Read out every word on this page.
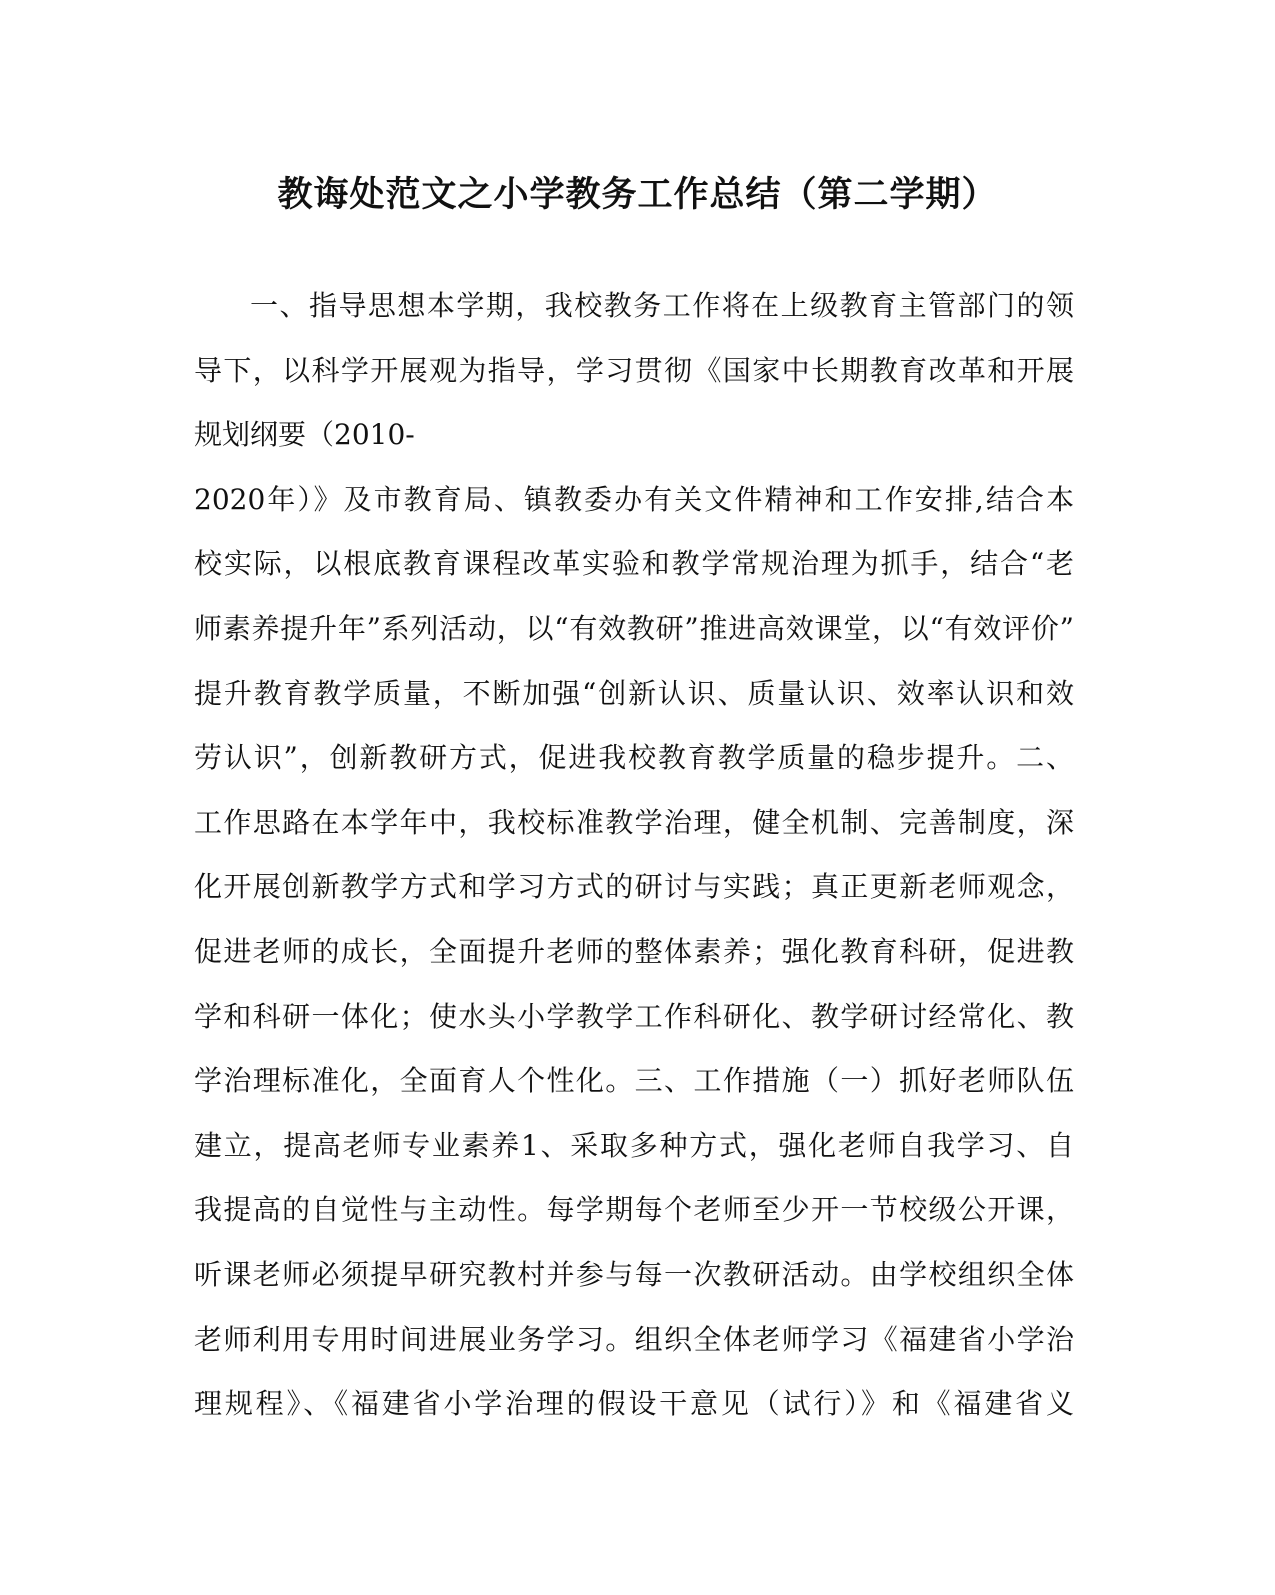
教诲处范文之小学教务工作总结（第二学期）
一、指导思想本学期，我校教务工作将在上级教育主管部门的领
导下，以科学开展观为指导，学习贯彻《国家中长期教育改革和开展
规划纲要（2010-
2020年）》及市教育局、镇教委办有关文件精神和工作安排,结合本
校实际，以根底教育课程改革实验和教学常规治理为抓手，结合“老
师素养提升年”系列活动，以“有效教研”推进高效课堂，以“有效评价”
提升教育教学质量，不断加强“创新认识、质量认识、效率认识和效
劳认识”，创新教研方式，促进我校教育教学质量的稳步提升。二、
工作思路在本学年中，我校标准教学治理，健全机制、完善制度，深
化开展创新教学方式和学习方式的研讨与实践；真正更新老师观念，
促进老师的成长，全面提升老师的整体素养；强化教育科研，促进教
学和科研一体化；使水头小学教学工作科研化、教学研讨经常化、教
学治理标准化，全面育人个性化。三、工作措施（一）抓好老师队伍
建立，提高老师专业素养1、采取多种方式，强化老师自我学习、自
我提高的自觉性与主动性。每学期每个老师至少开一节校级公开课，
听课老师必须提早研究教村并参与每一次教研活动。由学校组织全体
老师利用专用时间进展业务学习。组织全体老师学习《福建省小学治
理规程》、《福建省小学治理的假设干意见（试行）》和《福建省义
